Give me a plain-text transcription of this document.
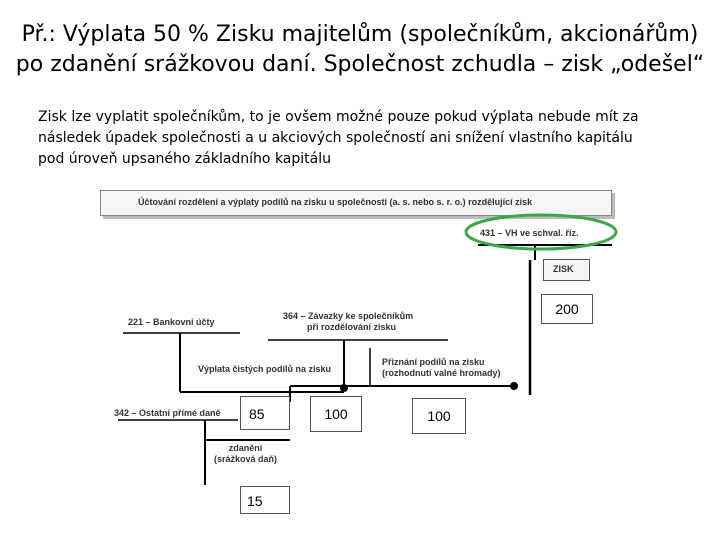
Př.: Výplata 50 % Zisku majitelům (společníkům, akcionářům)
po zdanění srážkovou daní. Společnost zchudla – zisk „odešel“
Zisk lze vyplatit společníkům, to je ovšem možné pouze pokud výplata nebude mít za
následek úpadek společnosti a u akciových společností ani snížení vlastního kapitálu
pod úroveň upsaného základního kapitálu
Účtování rozdělení a výplaty podílů na zisku u společnosti (a. s. nebo s. r. o.) rozdělující zisk
431 – VH ve schval. říz.
ZISK
221 – Bankovní účty
364 – Závazky ke společníkům
při rozdělování zisku
Výplata čistých podílů na zisku
Přiznání podílů na zisku
(rozhodnutí valné hromady)
342 – Ostatní přímé daně
zdanění
(srážková daň)
200
85	100	100
15
